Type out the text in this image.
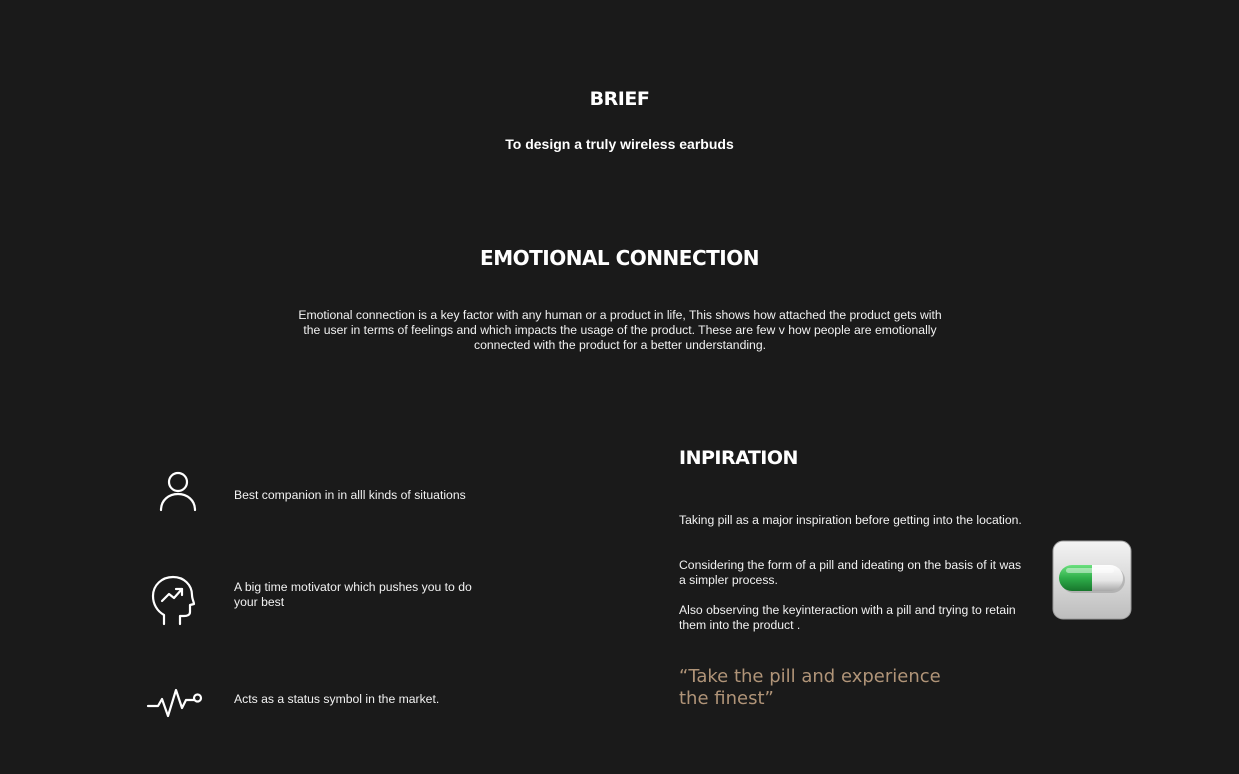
BRIEF

To design a truly wireless earbuds

EMOTIONAL CONNECTION

Emotional connection is a key factor with any human or a product in life, This shows how attached the product gets with the user in terms of feelings and which impacts the usage of the product. These are few v how people are emotionally connected with the product for a better understanding.

Best companion in in alll kinds of situations

A big time motivator which pushes you to do your best

Acts as a status symbol in the market.

INPIRATION

Taking pill as a major inspiration before getting into the location.

Considering the form of a pill and ideating on the basis of it was a simpler process.

Also observing the keyinteraction with a pill and trying to retain them into the product .

“Take the pill and experience
the finest”
